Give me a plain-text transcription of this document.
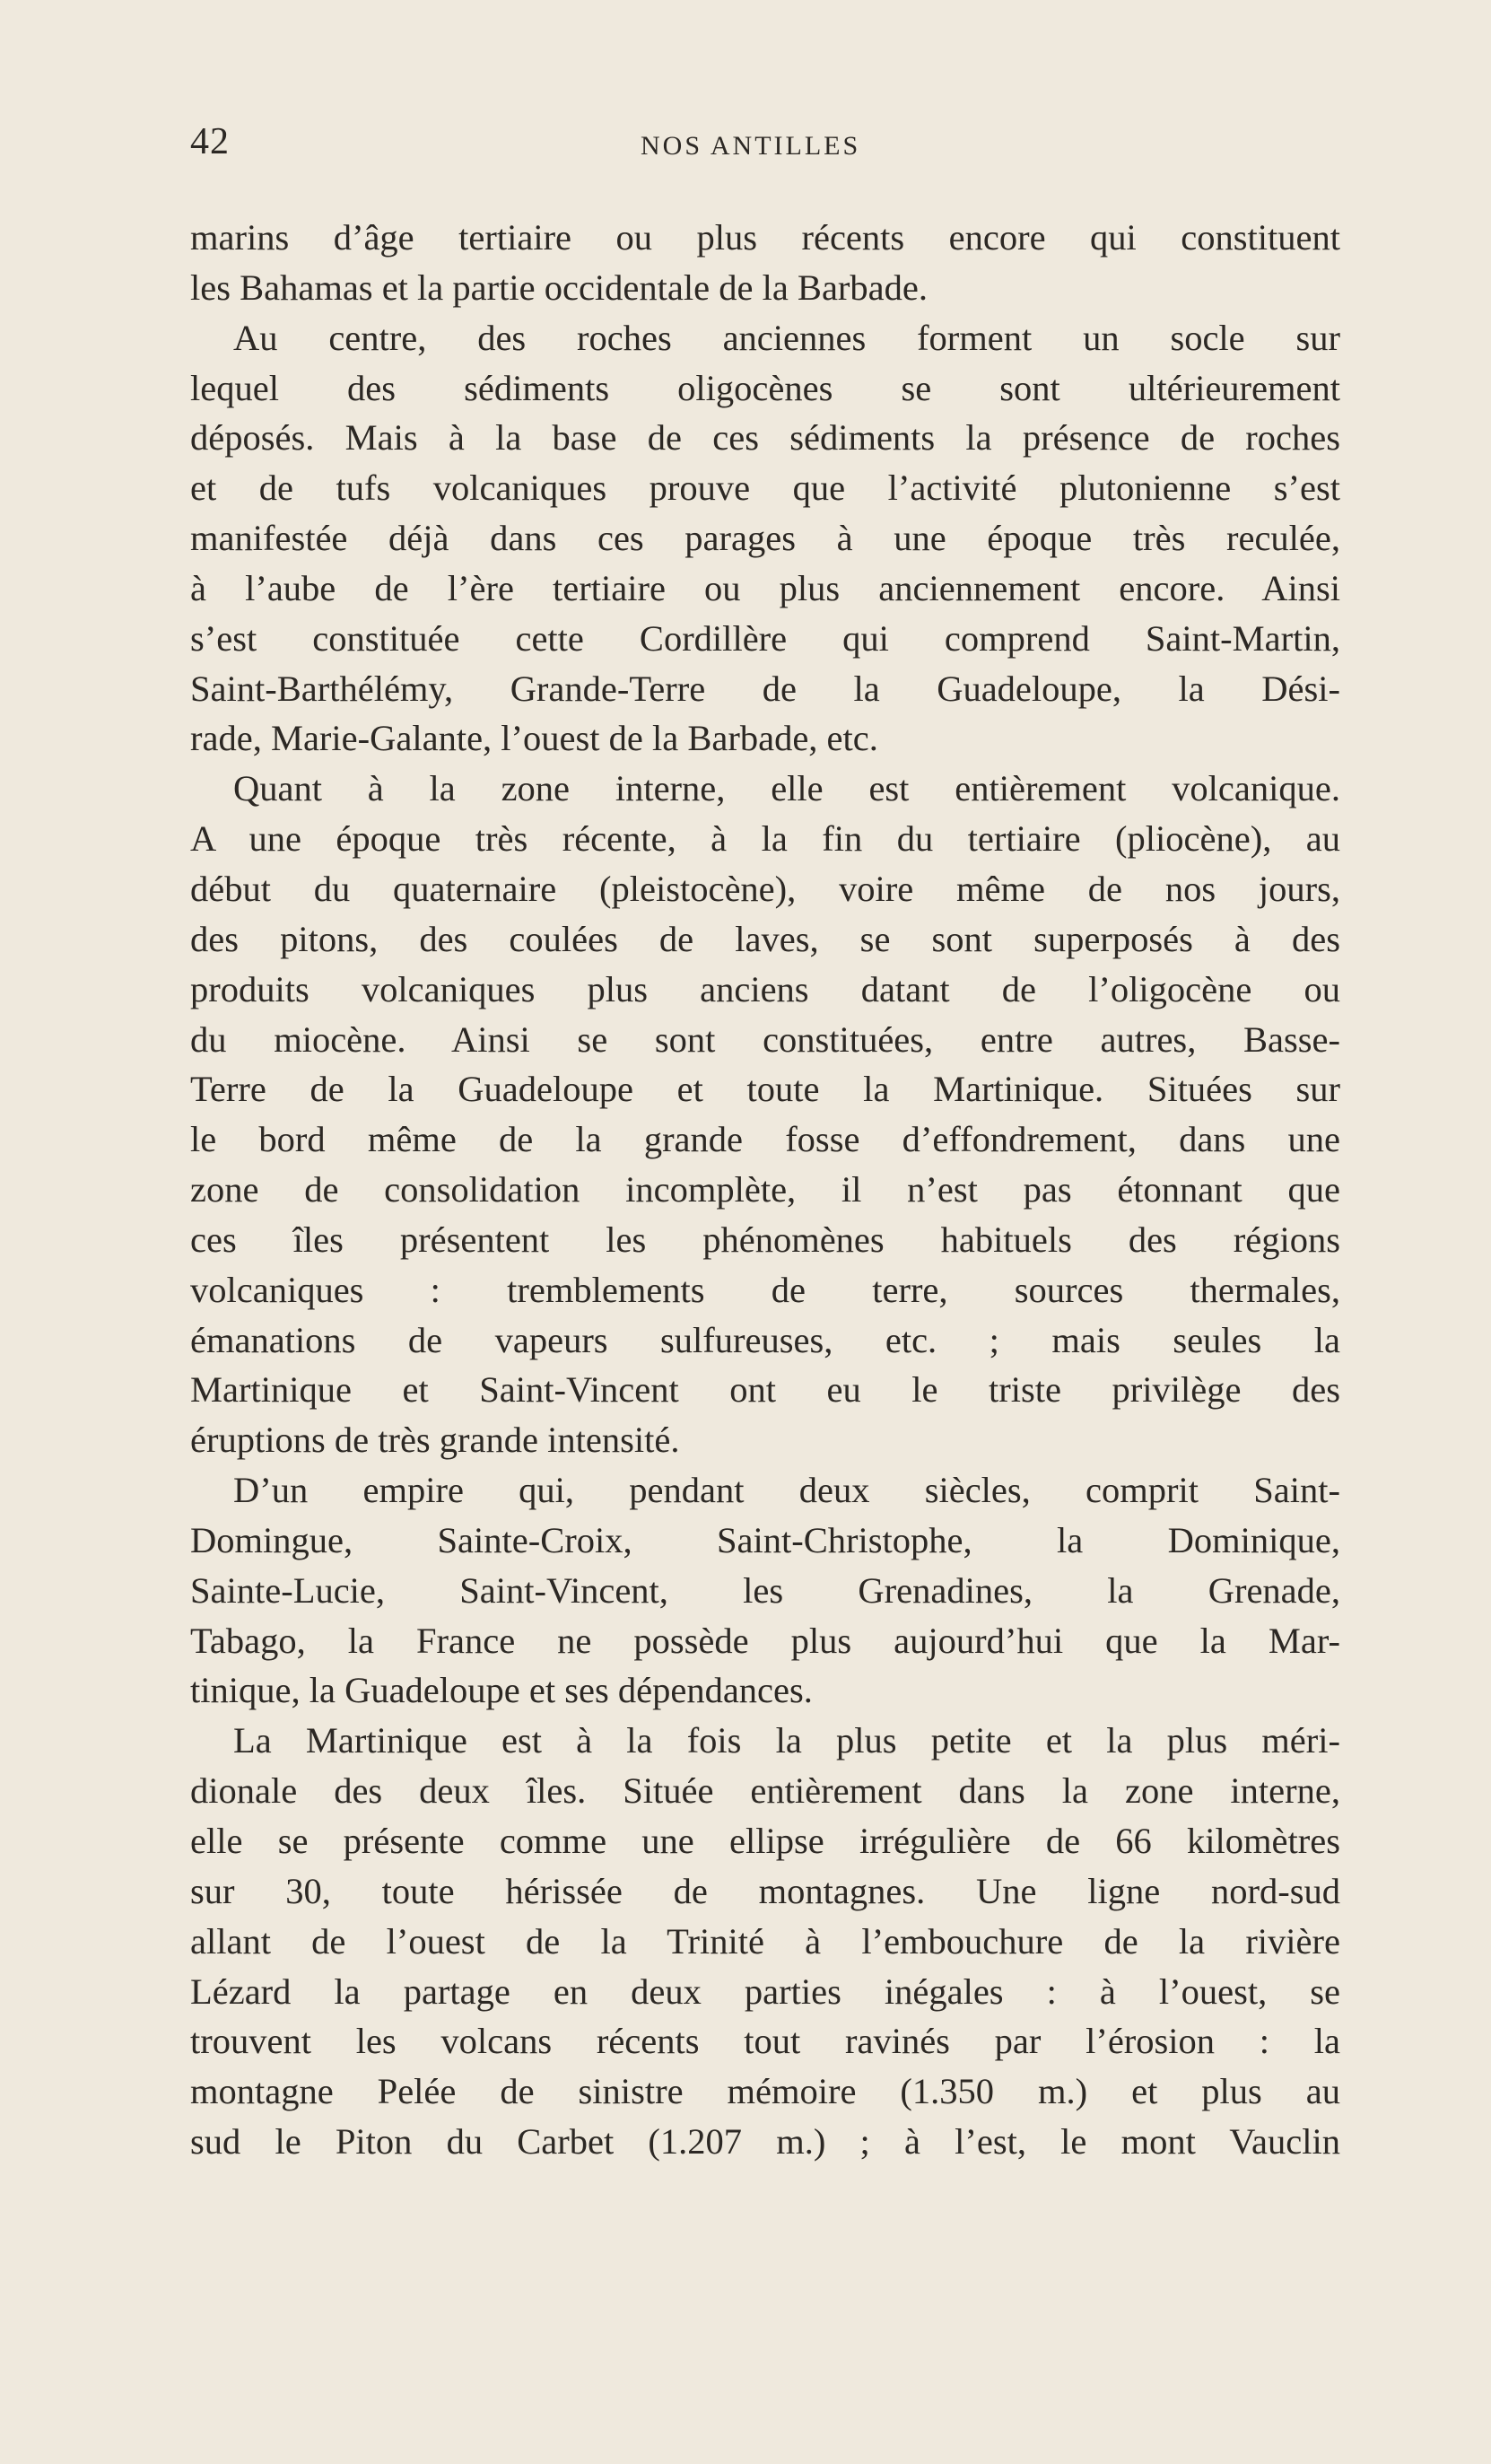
42	NOS ANTILLES
marins d’âge tertiaire ou plus récents encore qui constituent
les Bahamas et la partie occidentale de la Barbade.
Au centre, des roches anciennes forment un socle sur
lequel des sédiments oligocènes se sont ultérieurement
déposés. Mais à la base de ces sédiments la présence de roches
et de tufs volcaniques prouve que l’activité plutonienne s’est
manifestée déjà dans ces parages à une époque très reculée,
à l’aube de l’ère tertiaire ou plus anciennement encore. Ainsi
s’est constituée cette Cordillère qui comprend Saint-Martin,
Saint-Barthélémy, Grande-Terre de la Guadeloupe, la Dési-
rade, Marie-Galante, l’ouest de la Barbade, etc.
Quant à la zone interne, elle est entièrement volcanique.
A une époque très récente, à la fin du tertiaire (pliocène), au
début du quaternaire (pleistocène), voire même de nos jours,
des pitons, des coulées de laves, se sont superposés à des
produits volcaniques plus anciens datant de l’oligocène ou
du miocène. Ainsi se sont constituées, entre autres, Basse-
Terre de la Guadeloupe et toute la Martinique. Situées sur
le bord même de la grande fosse d’effondrement, dans une
zone de consolidation incomplète, il n’est pas étonnant que
ces îles présentent les phénomènes habituels des régions
volcaniques : tremblements de terre, sources thermales,
émanations de vapeurs sulfureuses, etc. ; mais seules la
Martinique et Saint-Vincent ont eu le triste privilège des
éruptions de très grande intensité.
D’un empire qui, pendant deux siècles, comprit Saint-
Domingue, Sainte-Croix, Saint-Christophe, la Dominique,
Sainte-Lucie, Saint-Vincent, les Grenadines, la Grenade,
Tabago, la France ne possède plus aujourd’hui que la Mar-
tinique, la Guadeloupe et ses dépendances.
La Martinique est à la fois la plus petite et la plus méri-
dionale des deux îles. Située entièrement dans la zone interne,
elle se présente comme une ellipse irrégulière de 66 kilomètres
sur 30, toute hérissée de montagnes. Une ligne nord-sud
allant de l’ouest de la Trinité à l’embouchure de la rivière
Lézard la partage en deux parties inégales : à l’ouest, se
trouvent les volcans récents tout ravinés par l’érosion : la
montagne Pelée de sinistre mémoire (1.350 m.) et plus au
sud le Piton du Carbet (1.207 m.) ; à l’est, le mont Vauclin
